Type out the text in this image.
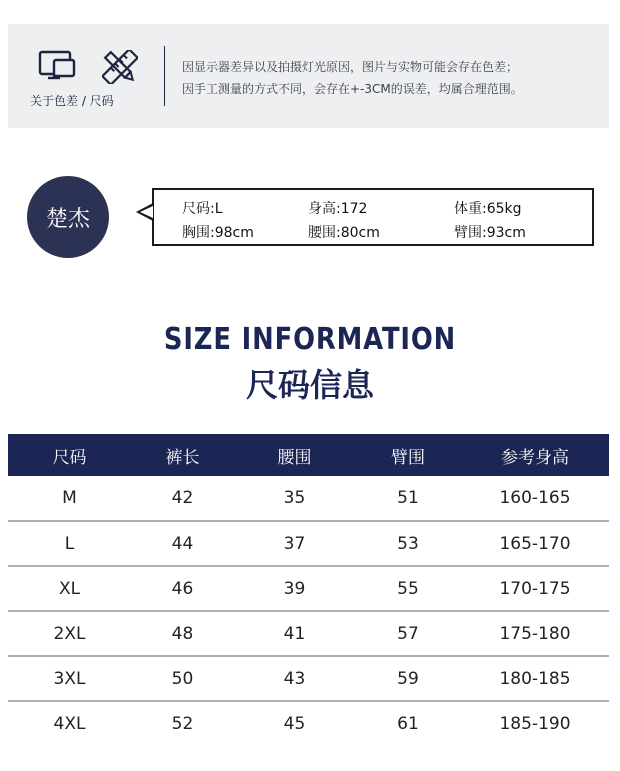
关于色差 / 尺码
因显示器差异以及拍摄灯光原因，图片与实物可能会存在色差；
因手工测量的方式不同，会存在+-3CM的误差，均属合理范围。
楚杰	尺码:L	身高:172	体重:65kg
胸围:98cm	腰围:80cm	臂围:93cm
SIZE INFORMATION
尺码信息
尺码	裤长	腰围	臂围	参考身高
M	42	35	51	160-165
L	44	37	53	165-170
XL	46	39	55	170-175
2XL	48	41	57	175-180
3XL	50	43	59	180-185
4XL	52	45	61	185-190
